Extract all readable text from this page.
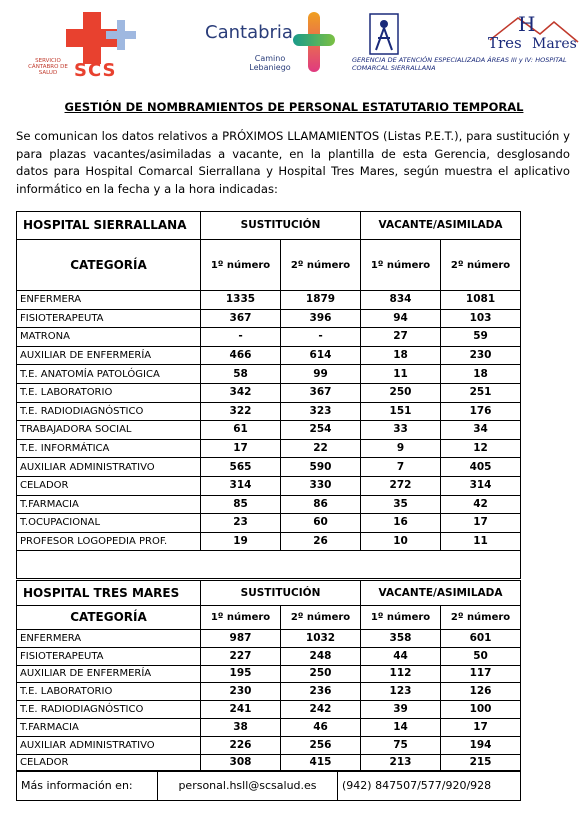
SERVICIO CÁNTABRO DE SALUD SCS
Cantabria
Camino Lebaniego
H
Tres Mares
GERENCIA DE ATENCIÓN ESPECIALIZADA ÁREAS III y IV: HOSPITAL COMARCAL SIERRALLANA
GESTIÓN DE NOMBRAMIENTOS DE PERSONAL ESTATUTARIO TEMPORAL
Se comunican los datos relativos a PRÓXIMOS LLAMAMIENTOS (Listas P.E.T.), para sustitución y para plazas vacantes/asimiladas a vacante, en la plantilla de esta Gerencia, desglosando datos para Hospital Comarcal Sierrallana y Hospital Tres Mares, según muestra el aplicativo informático en la fecha y a la hora indicadas:
HOSPITAL SIERRALLANA	SUSTITUCIÓN		VACANTE/ASIMILADA	
CATEGORÍA	1º número	2º número	1º número	2º número
ENFERMERA	1335	1879	834	1081
FISIOTERAPEUTA	367	396	94	103
MATRONA	-	-	27	59
AUXILIAR DE ENFERMERÍA	466	614	18	230
T.E. ANATOMÍA PATOLÓGICA	58	99	11	18
T.E. LABORATORIO	342	367	250	251
T.E. RADIODIAGNÓSTICO	322	323	151	176
TRABAJADORA SOCIAL	61	254	33	34
T.E. INFORMÁTICA	17	22	9	12
AUXILIAR ADMINISTRATIVO	565	590	7	405
CELADOR	314	330	272	314
T.FARMACIA	85	86	35	42
T.OCUPACIONAL	23	60	16	17
PROFESOR LOGOPEDIA PROF.	19	26	10	11

HOSPITAL TRES MARES	SUSTITUCIÓN		VACANTE/ASIMILADA	
CATEGORÍA	1º número	2º número	1º número	2º número
ENFERMERA	987	1032	358	601
FISIOTERAPEUTA	227	248	44	50
AUXILIAR DE ENFERMERÍA	195	250	112	117
T.E. LABORATORIO	230	236	123	126
T.E. RADIODIAGNÓSTICO	241	242	39	100
T.FARMACIA	38	46	14	17
AUXILIAR ADMINISTRATIVO	226	256	75	194
CELADOR	308	415	213	215
Más información en:	personal.hsll@scsalud.es	(942) 847507/577/920/928
